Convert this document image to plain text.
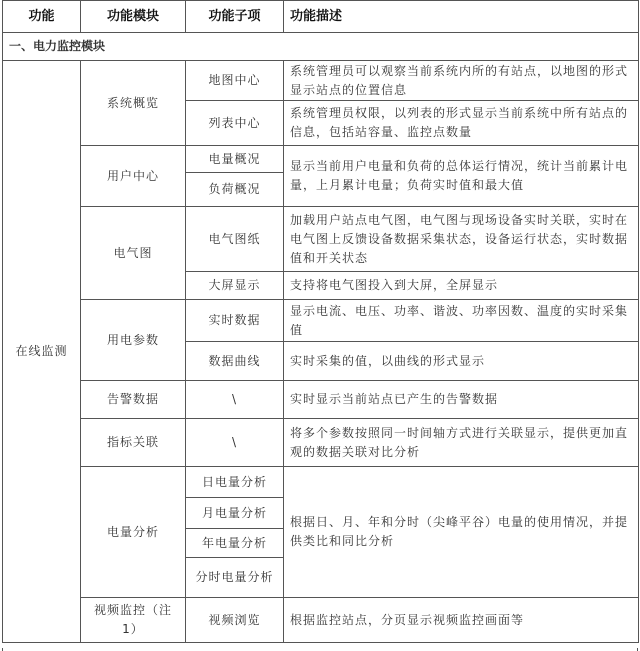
功能	功能模块	功能子项	功能描述
一、电力监控模块			
在线监测	系统概览	地图中心	系统管理员可以观察当前系统内所的有站点，以地图的形式显示站点的位置信息
		列表中心	系统管理员权限，以列表的形式显示当前系统中所有站点的信息，包括站容量、监控点数量
	用户中心	电量概况	显示当前用户电量和负荷的总体运行情况，统计当前累计电量，上月累计电量；负荷实时值和最大值
		负荷概况	
	电气图	电气图纸	加载用户站点电气图，电气图与现场设备实时关联，实时在电气图上反馈设备数据采集状态，设备运行状态，实时数据值和开关状态
		大屏显示	支持将电气图投入到大屏，全屏显示
	用电参数	实时数据	显示电流、电压、功率、谐波、功率因数、温度的实时采集值
		数据曲线	实时采集的值，以曲线的形式显示
	告警数据	\	实时显示当前站点已产生的告警数据
	指标关联	\	将多个参数按照同一时间轴方式进行关联显示，提供更加直观的数据关联对比分析
	电量分析	日电量分析	根据日、月、年和分时（尖峰平谷）电量的使用情况，并提供类比和同比分析
		月电量分析	
		年电量分析	
		分时电量分析	
	视频监控（注1）	视频浏览	根据监控站点，分页显示视频监控画面等
